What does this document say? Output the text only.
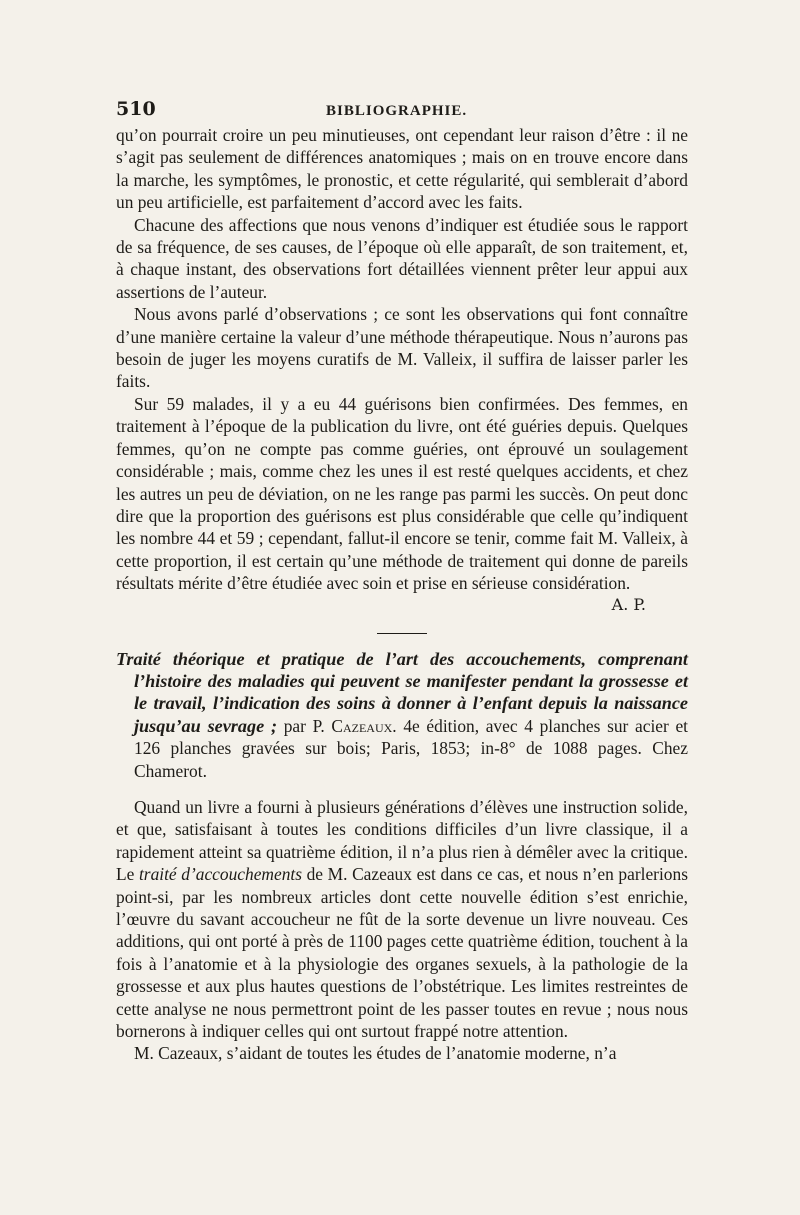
510	BIBLIOGRAPHIE.

qu’on pourrait croire un peu minutieuses, ont cependant leur raison d’être : il ne s’agit pas seulement de différences anatomiques ; mais on en trouve encore dans la marche, les symptômes, le pronostic, et cette régularité, qui semblerait d’abord un peu artificielle, est parfaitement d’accord avec les faits.

Chacune des affections que nous venons d’indiquer est étudiée sous le rapport de sa fréquence, de ses causes, de l’époque où elle apparaît, de son traitement, et, à chaque instant, des observations fort détaillées viennent prêter leur appui aux assertions de l’auteur.

Nous avons parlé d’observations ; ce sont les observations qui font connaître d’une manière certaine la valeur d’une méthode thérapeutique. Nous n’aurons pas besoin de juger les moyens curatifs de M. Valleix, il suffira de laisser parler les faits.

Sur 59 malades, il y a eu 44 guérisons bien confirmées. Des femmes, en traitement à l’époque de la publication du livre, ont été guéries depuis. Quelques femmes, qu’on ne compte pas comme guéries, ont éprouvé un soulagement considérable ; mais, comme chez les unes il est resté quelques accidents, et chez les autres un peu de déviation, on ne les range pas parmi les succès. On peut donc dire que la proportion des guérisons est plus considérable que celle qu’indiquent les nombre 44 et 59 ; cependant, fallut-il encore se tenir, comme fait M. Valleix, à cette proportion, il est certain qu’une méthode de traitement qui donne de pareils résultats mérite d’être étudiée avec soin et prise en sérieuse considération.

A. P.

Traité théorique et pratique de l’art des accouchements, comprenant l’histoire des maladies qui peuvent se manifester pendant la grossesse et le travail, l’indication des soins à donner à l’enfant depuis la naissance jusqu’au sevrage ; par P. Cazeaux. 4e édition, avec 4 planches sur acier et 126 planches gravées sur bois; Paris, 1853; in-8° de 1088 pages. Chez Chamerot.

Quand un livre a fourni à plusieurs générations d’élèves une instruction solide, et que, satisfaisant à toutes les conditions difficiles d’un livre classique, il a rapidement atteint sa quatrième édition, il n’a plus rien à démêler avec la critique. Le traité d’accouchements de M. Cazeaux est dans ce cas, et nous n’en parlerions point-si, par les nombreux articles dont cette nouvelle édition s’est enrichie, l’œuvre du savant accoucheur ne fût de la sorte devenue un livre nouveau. Ces additions, qui ont porté à près de 1100 pages cette quatrième édition, touchent à la fois à l’anatomie et à la physiologie des organes sexuels, à la pathologie de la grossesse et aux plus hautes questions de l’obstétrique. Les limites restreintes de cette analyse ne nous permettront point de les passer toutes en revue ; nous nous bornerons à indiquer celles qui ont surtout frappé notre attention.

M. Cazeaux, s’aidant de toutes les études de l’anatomie moderne, n’a
